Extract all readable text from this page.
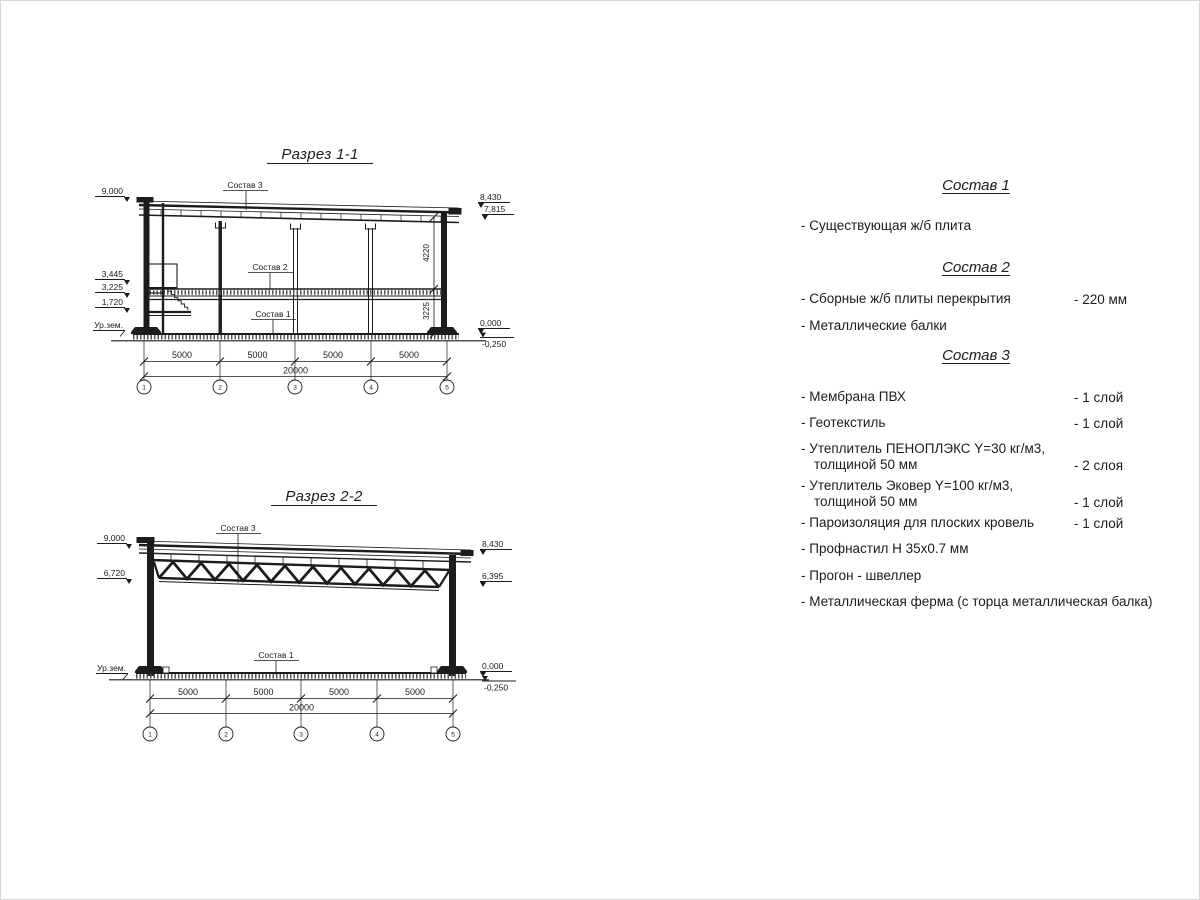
Разрез 1-1
Состав 3
Состав 2
Состав 1
9,000
3,445
3,225
1,720
Ур.зем.
8,430
7,815
0,000
-0,250
4220
3225
5000	5000	5000	5000
20000
1	2	3	4	5
Разрез 2-2
Состав 3
Состав 1
9,000
6,720
Ур.зем.
8,430
6,395
0,000
-0,250
5000	5000	5000	5000
20000
1	2	3	4	5
Состав 1
- Существующая ж/б плита
Состав 2
- Сборные ж/б плиты перекрытия	- 220 мм
- Металлические балки
Состав 3
- Мембрана ПВХ	- 1 слой
- Геотекстиль	- 1 слой
- Утеплитель ПЕНОПЛЭКС Y=30 кг/м3,
толщиной 50 мм	- 2 слоя
- Утеплитель Эковер Y=100 кг/м3,
толщиной 50 мм	- 1 слой
- Пароизоляция для плоских кровель	- 1 слой
- Профнастил Н 35х0.7 мм
- Прогон - швеллер
- Металлическая ферма (с торца металлическая балка)
